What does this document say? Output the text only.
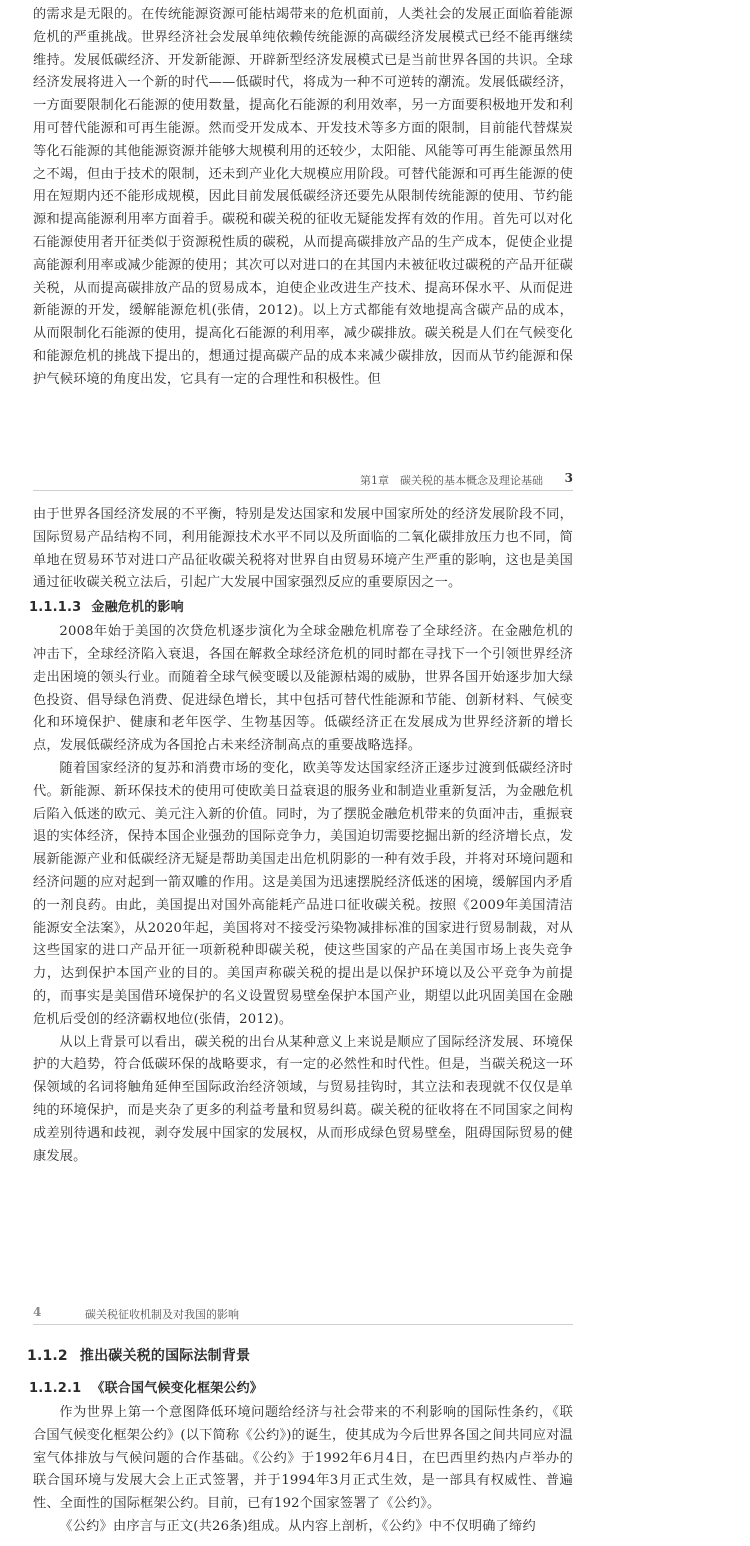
的需求是无限的。在传统能源资源可能枯竭带来的危机面前，人类社会的发展正面临着能源危机的严重挑战。世界经济社会发展单纯依赖传统能源的高碳经济发展模式已经不能再继续维持。发展低碳经济、开发新能源、开辟新型经济发展模式已是当前世界各国的共识。全球经济发展将进入一个新的时代——低碳时代，将成为一种不可逆转的潮流。发展低碳经济，一方面要限制化石能源的使用数量，提高化石能源的利用效率，另一方面要积极地开发和利用可替代能源和可再生能源。然而受开发成本、开发技术等多方面的限制，目前能代替煤炭等化石能源的其他能源资源并能够大规模利用的还较少，太阳能、风能等可再生能源虽然用之不竭，但由于技术的限制，还未到产业化大规模应用阶段。可替代能源和可再生能源的使用在短期内还不能形成规模，因此目前发展低碳经济还要先从限制传统能源的使用、节约能源和提高能源利用率方面着手。碳税和碳关税的征收无疑能发挥有效的作用。首先可以对化石能源使用者开征类似于资源税性质的碳税，从而提高碳排放产品的生产成本，促使企业提高能源利用率或减少能源的使用；其次可以对进口的在其国内未被征收过碳税的产品开征碳关税，从而提高碳排放产品的贸易成本，迫使企业改进生产技术、提高环保水平、从而促进新能源的开发，缓解能源危机(张倩，2012)。以上方式都能有效地提高含碳产品的成本，从而限制化石能源的使用，提高化石能源的利用率，减少碳排放。碳关税是人们在气候变化和能源危机的挑战下提出的，想通过提高碳产品的成本来减少碳排放，因而从节约能源和保护气候环境的角度出发，它具有一定的合理性和积极性。但

第1章　碳关税的基本概念及理论基础 3

由于世界各国经济发展的不平衡，特别是发达国家和发展中国家所处的经济发展阶段不同，国际贸易产品结构不同，利用能源技术水平不同以及所面临的二氧化碳排放压力也不同，简单地在贸易环节对进口产品征收碳关税将对世界自由贸易环境产生严重的影响，这也是美国通过征收碳关税立法后，引起广大发展中国家强烈反应的重要原因之一。

1.1.1.3 金融危机的影响

2008年始于美国的次贷危机逐步演化为全球金融危机席卷了全球经济。在金融危机的冲击下，全球经济陷入衰退，各国在解救全球经济危机的同时都在寻找下一个引领世界经济走出困境的领头行业。而随着全球气候变暖以及能源枯竭的威胁，世界各国开始逐步加大绿色投资、倡导绿色消费、促进绿色增长，其中包括可替代性能源和节能、创新材料、气候变化和环境保护、健康和老年医学、生物基因等。低碳经济正在发展成为世界经济新的增长点，发展低碳经济成为各国抢占未来经济制高点的重要战略选择。

随着国家经济的复苏和消费市场的变化，欧美等发达国家经济正逐步过渡到低碳经济时代。新能源、新环保技术的使用可使欧美日益衰退的服务业和制造业重新复活，为金融危机后陷入低迷的欧元、美元注入新的价值。同时，为了摆脱金融危机带来的负面冲击，重振衰退的实体经济，保持本国企业强劲的国际竞争力，美国迫切需要挖掘出新的经济增长点，发展新能源产业和低碳经济无疑是帮助美国走出危机阴影的一种有效手段，并将对环境问题和经济问题的应对起到一箭双雕的作用。这是美国为迅速摆脱经济低迷的困境，缓解国内矛盾的一剂良药。由此，美国提出对国外高能耗产品进口征收碳关税。按照《2009年美国清洁能源安全法案》，从2020年起，美国将对不接受污染物减排标准的国家进行贸易制裁，对从这些国家的进口产品开征一项新税种即碳关税，使这些国家的产品在美国市场上丧失竞争力，达到保护本国产业的目的。美国声称碳关税的提出是以保护环境以及公平竞争为前提的，而事实是美国借环境保护的名义设置贸易壁垒保护本国产业，期望以此巩固美国在金融危机后受创的经济霸权地位(张倩，2012)。

从以上背景可以看出，碳关税的出台从某种意义上来说是顺应了国际经济发展、环境保护的大趋势，符合低碳环保的战略要求，有一定的必然性和时代性。但是，当碳关税这一环保领域的名词将触角延伸至国际政治经济领域，与贸易挂钩时，其立法和表现就不仅仅是单纯的环境保护，而是夹杂了更多的利益考量和贸易纠葛。碳关税的征收将在不同国家之间构成差别待遇和歧视，剥夺发展中国家的发展权，从而形成绿色贸易壁垒，阻碍国际贸易的健康发展。

4	碳关税征收机制及对我国的影响
1.1.2 推出碳关税的国际法制背景
1.1.2.1 《联合国气候变化框架公约》

作为世界上第一个意图降低环境问题给经济与社会带来的不利影响的国际性条约，《联合国气候变化框架公约》(以下简称《公约》)的诞生，使其成为今后世界各国之间共同应对温室气体排放与气候问题的合作基础。《公约》于1992年6月4日，在巴西里约热内卢举办的联合国环境与发展大会上正式签署，并于1994年3月正式生效，是一部具有权威性、普遍性、全面性的国际框架公约。目前，已有192个国家签署了《公约》。

《公约》由序言与正文(共26条)组成。从内容上剖析，《公约》中不仅明确了缔约
